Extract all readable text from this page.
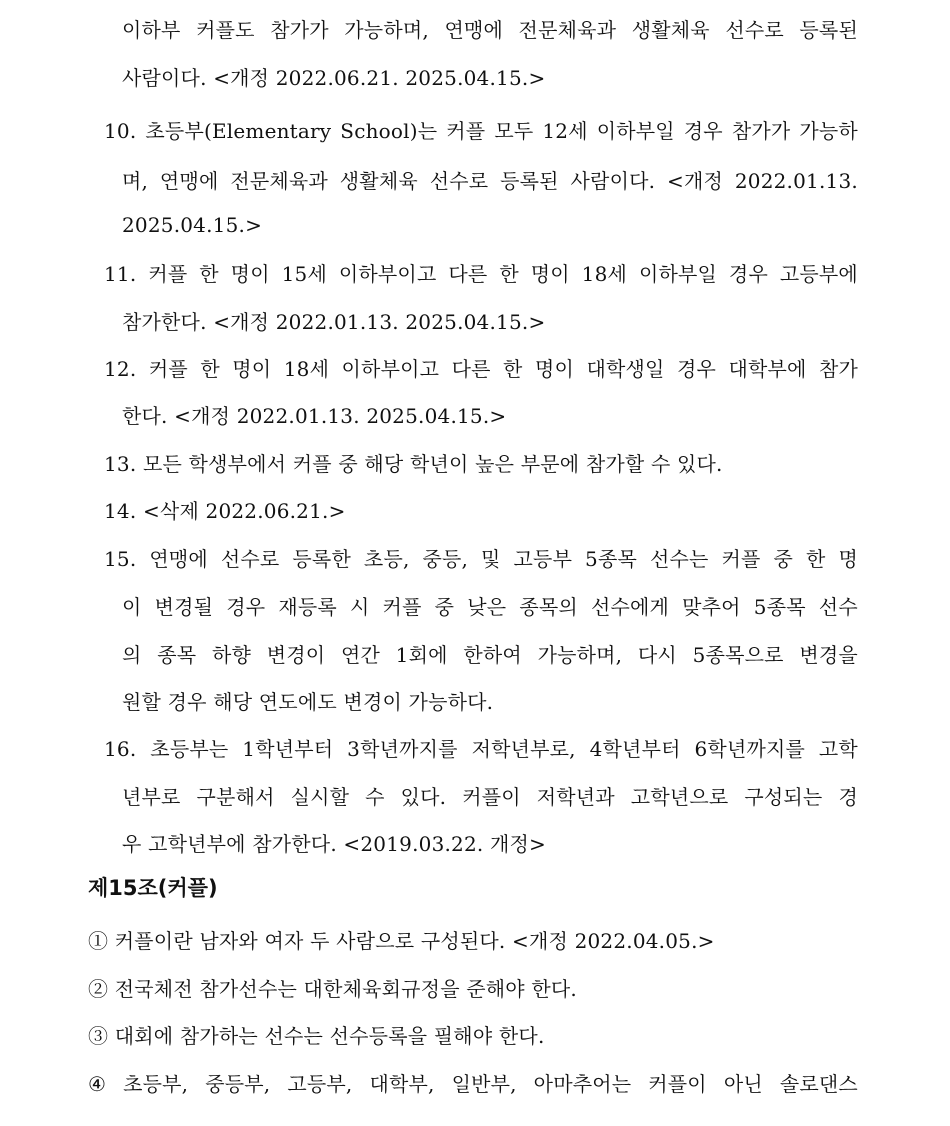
이하부 커플도 참가가 가능하며, 연맹에 전문체육과 생활체육 선수로 등록된
사람이다. <개정 2022.06.21. 2025.04.15.>
10. 초등부(Elementary School)는 커플 모두 12세 이하부일 경우 참가가 가능하
며, 연맹에 전문체육과 생활체육 선수로 등록된 사람이다. <개정 2022.01.13.
2025.04.15.>
11. 커플 한 명이 15세 이하부이고 다른 한 명이 18세 이하부일 경우 고등부에
참가한다. <개정 2022.01.13. 2025.04.15.>
12. 커플 한 명이 18세 이하부이고 다른 한 명이 대학생일 경우 대학부에 참가
한다. <개정 2022.01.13. 2025.04.15.>
13. 모든 학생부에서 커플 중 해당 학년이 높은 부문에 참가할 수 있다.
14. <삭제 2022.06.21.>
15. 연맹에 선수로 등록한 초등, 중등, 및 고등부 5종목 선수는 커플 중 한 명
이 변경될 경우 재등록 시 커플 중 낮은 종목의 선수에게 맞추어 5종목 선수
의 종목 하향 변경이 연간 1회에 한하여 가능하며, 다시 5종목으로 변경을
원할 경우 해당 연도에도 변경이 가능하다.
16. 초등부는 1학년부터 3학년까지를 저학년부로, 4학년부터 6학년까지를 고학
년부로 구분해서 실시할 수 있다. 커플이 저학년과 고학년으로 구성되는 경
우 고학년부에 참가한다. <2019.03.22. 개정>
제15조(커플)
① 커플이란 남자와 여자 두 사람으로 구성된다. <개정 2022.04.05.>
② 전국체전 참가선수는 대한체육회규정을 준해야 한다.
③ 대회에 참가하는 선수는 선수등록을 필해야 한다.
④ 초등부, 중등부, 고등부, 대학부, 일반부, 아마추어는 커플이 아닌 솔로댄스
